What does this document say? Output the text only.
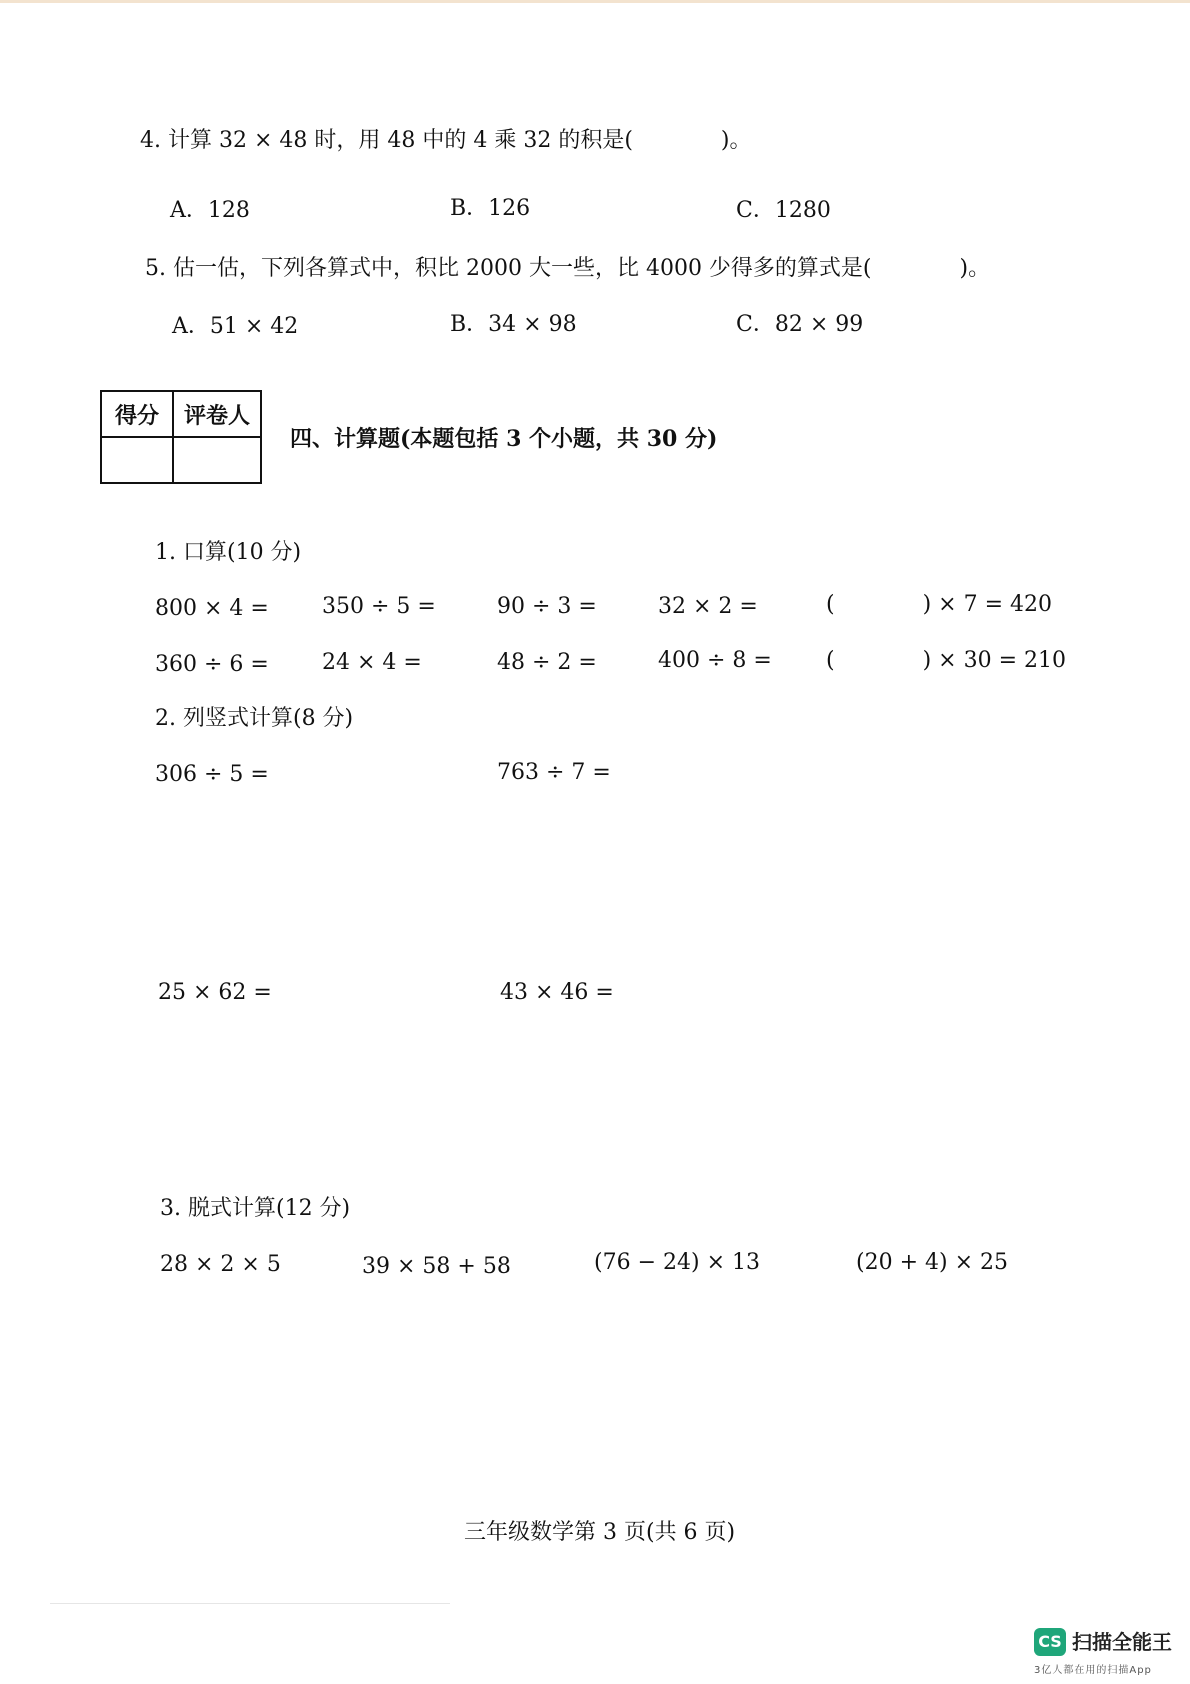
4. 计算 32 × 48 时，用 48 中的 4 乘 32 的积是(　　　　)。
A．128	B．126	C．1280
5. 估一估，下列各算式中，积比 2000 大一些，比 4000 少得多的算式是(　　　　)。
A．51 × 42	B．34 × 98	C．82 × 99
得分	评卷人

四、计算题(本题包括 3 个小题，共 30 分)
1. 口算(10 分)
800 × 4 = 350 ÷ 5 =	90 ÷ 3 =	32 × 2 =	(　　　　) × 7 = 420
360 ÷ 6 = 24 × 4 =	48 ÷ 2 =	400 ÷ 8 = (　　　　) × 30 = 210
2. 列竖式计算(8 分)
306 ÷ 5 =	763 ÷ 7 =
25 × 62 =	43 × 46 =
3. 脱式计算(12 分)
28 × 2 × 5	39 × 58 + 58	(76 − 24) × 13	(20 + 4) × 25
三年级数学第 3 页(共 6 页)
CS 扫描全能王
3亿人都在用的扫描App
